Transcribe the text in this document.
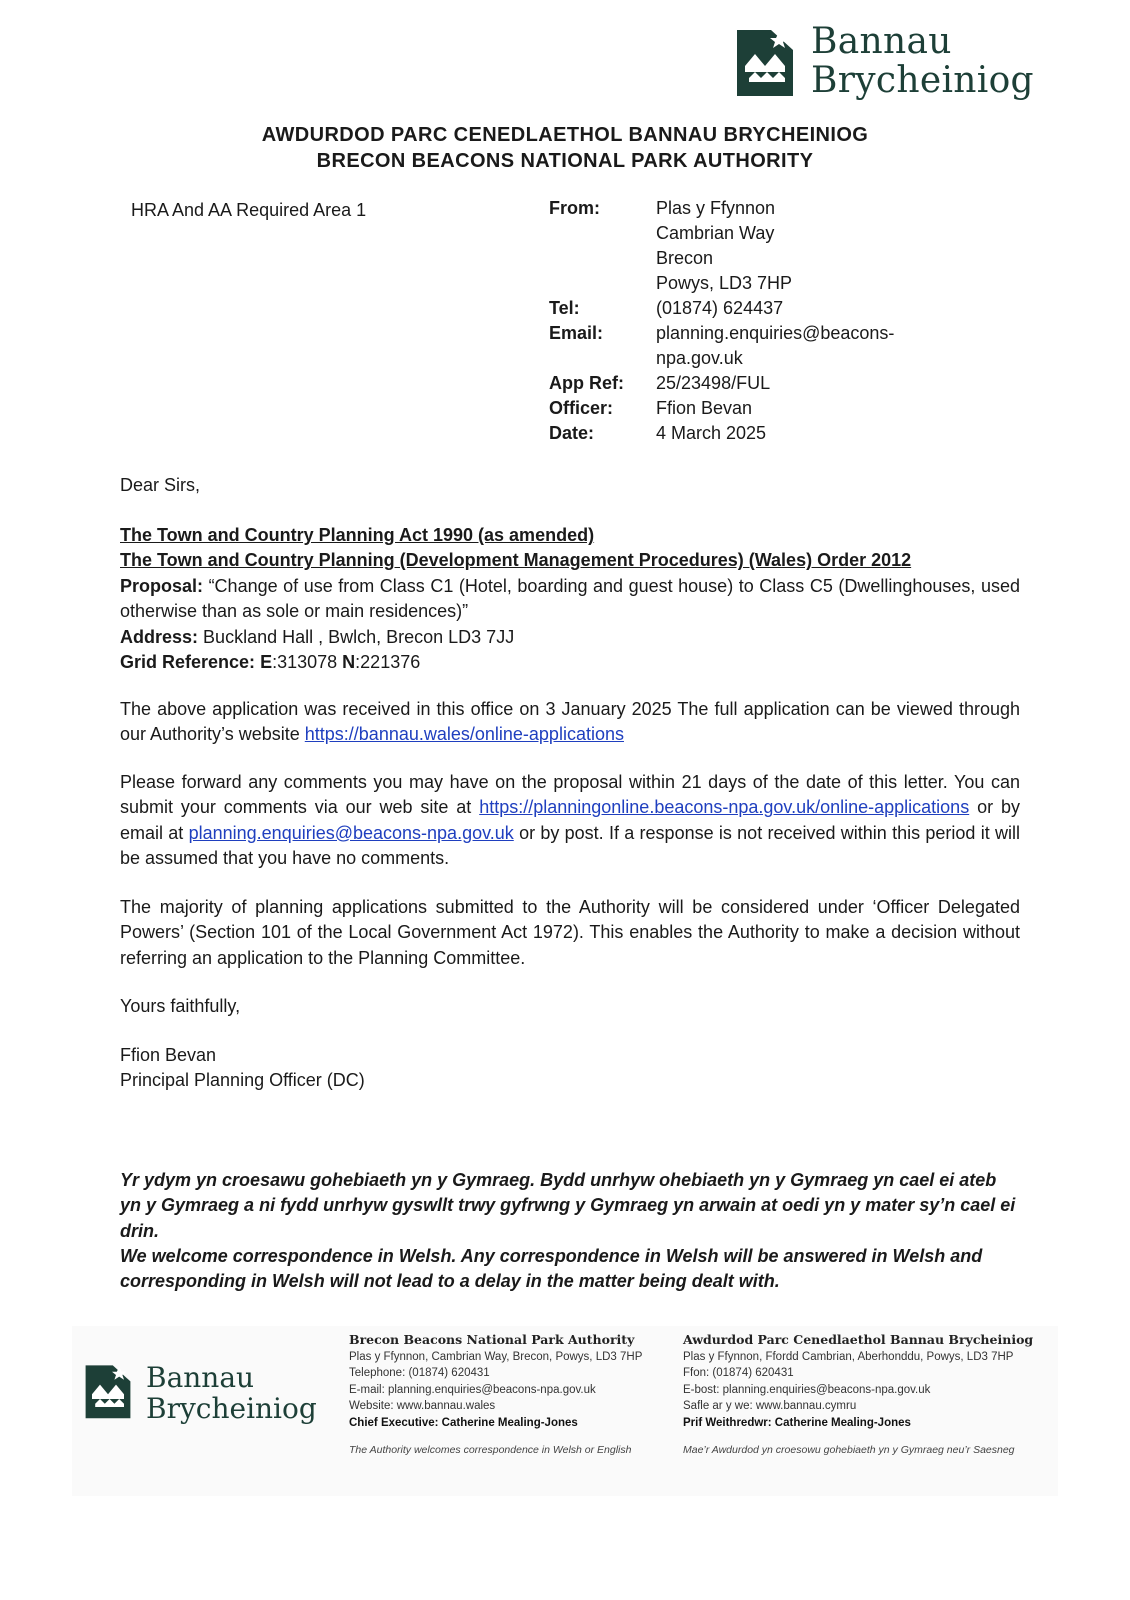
Bannau
Brycheiniog
AWDURDOD PARC CENEDLAETHOL BANNAU BRYCHEINIOG
BRECON BEACONS NATIONAL PARK AUTHORITY
HRA And AA Required Area 1	From:	Plas y Ffynnon
Cambrian Way
Brecon
Powys, LD3 7HP
Tel:	(01874) 624437
Email:	planning.enquiries@beacons-
npa.gov.uk
App Ref: 25/23498/FUL
Officer: Ffion Bevan
Date:	4 March 2025
Dear Sirs,
The Town and Country Planning Act 1990 (as amended)
The Town and Country Planning (Development Management Procedures) (Wales) Order 2012
Proposal: “Change of use from Class C1 (Hotel, boarding and guest house) to Class C5 (Dwellinghouses, used otherwise than as sole or main residences)”
Address: Buckland Hall , Bwlch, Brecon LD3 7JJ
Grid Reference: E:313078 N:221376
The above application was received in this office on 3 January 2025 The full application can be viewed through our Authority’s website https://bannau.wales/online-applications
Please forward any comments you may have on the proposal within 21 days of the date of this letter. You can submit your comments via our web site at https://planningonline.beacons-npa.gov.uk/online-applications or by email at planning.enquiries@beacons-npa.gov.uk or by post. If a response is not received within this period it will be assumed that you have no comments.
The majority of planning applications submitted to the Authority will be considered under ‘Officer Delegated Powers’ (Section 101 of the Local Government Act 1972). This enables the Authority to make a decision without referring an application to the Planning Committee.
Yours faithfully,
Ffion Bevan
Principal Planning Officer (DC)
Yr ydym yn croesawu gohebiaeth yn y Gymraeg. Bydd unrhyw ohebiaeth yn y Gymraeg yn cael ei ateb yn y Gymraeg a ni fydd unrhyw gyswllt trwy gyfrwng y Gymraeg yn arwain at oedi yn y mater sy’n cael ei drin.
We welcome correspondence in Welsh. Any correspondence in Welsh will be answered in Welsh and corresponding in Welsh will not lead to a delay in the matter being dealt with.
Bannau
Brycheiniog
Brecon Beacons National Park Authority
Plas y Ffynnon, Cambrian Way, Brecon, Powys, LD3 7HP
Telephone: (01874) 620431
E-mail: planning.enquiries@beacons-npa.gov.uk
Website: www.bannau.wales
Chief Executive: Catherine Mealing-Jones
The Authority welcomes correspondence in Welsh or English
Awdurdod Parc Cenedlaethol Bannau Brycheiniog
Plas y Ffynnon, Ffordd Cambrian, Aberhonddu, Powys, LD3 7HP
Ffon: (01874) 620431
E-bost: planning.enquiries@beacons-npa.gov.uk
Safle ar y we: www.bannau.cymru
Prif Weithredwr: Catherine Mealing-Jones
Mae’r Awdurdod yn croesowu gohebiaeth yn y Gymraeg neu’r Saesneg
